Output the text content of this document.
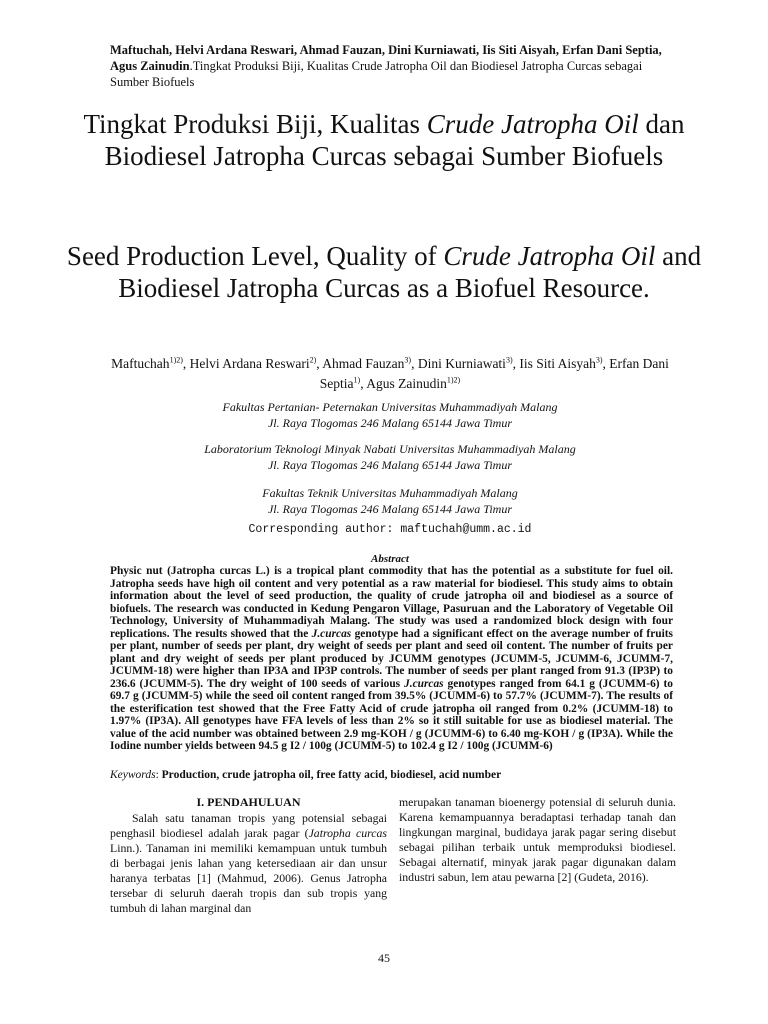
Maftuchah, Helvi Ardana Reswari, Ahmad Fauzan, Dini Kurniawati, Iis Siti Aisyah, Erfan Dani Septia, Agus Zainudin.Tingkat Produksi Biji, Kualitas Crude Jatropha Oil dan Biodiesel Jatropha Curcas sebagai Sumber Biofuels
Tingkat Produksi Biji, Kualitas Crude Jatropha Oil dan Biodiesel Jatropha Curcas sebagai Sumber Biofuels
Seed Production Level, Quality of Crude Jatropha Oil and Biodiesel Jatropha Curcas as a Biofuel Resource.
Maftuchah$^{1)2)}$, Helvi Ardana Reswari$^{2)}$, Ahmad Fauzan$^{3)}$, Dini Kurniawati$^{3)}$, Iis Siti Aisyah$^{3)}$, Erfan Dani Septia$^{1)}$, Agus Zainudin$^{1)2)}$
Fakultas Pertanian- Peternakan Universitas Muhammadiyah Malang
Jl. Raya Tlogomas 246 Malang 65144 Jawa Timur
Laboratorium Teknologi Minyak Nabati Universitas Muhammadiyah Malang
Jl. Raya Tlogomas 246 Malang 65144 Jawa Timur
Fakultas Teknik Universitas Muhammadiyah Malang
Jl. Raya Tlogomas 246 Malang 65144 Jawa Timur
Corresponding author: maftuchah@umm.ac.id
Abstract
Physic nut (Jatropha curcas L.) is a tropical plant commodity that has the potential as a substitute for fuel oil. Jatropha seeds have high oil content and very potential as a raw material for biodiesel. This study aims to obtain information about the level of seed production, the quality of crude jatropha oil and biodiesel as a source of biofuels. The research was conducted in Kedung Pengaron Village, Pasuruan and the Laboratory of Vegetable Oil Technology, University of Muhammadiyah Malang. The study was used a randomized block design with four replications. The results showed that the J.curcas genotype had a significant effect on the average number of fruits per plant, number of seeds per plant, dry weight of seeds per plant and seed oil content. The number of fruits per plant and dry weight of seeds per plant produced by JCUMM genotypes (JCUMM-5, JCUMM-6, JCUMM-7, JCUMM-18) were higher than IP3A and IP3P controls. The number of seeds per plant ranged from 91.3 (IP3P) to 236.6 (JCUMM-5). The dry weight of 100 seeds of various J.curcas genotypes ranged from 64.1 g (JCUMM-6) to 69.7 g (JCUMM-5) while the seed oil content ranged from 39.5% (JCUMM-6) to 57.7% (JCUMM-7). The results of the esterification test showed that the Free Fatty Acid of crude jatropha oil ranged from 0.2% (JCUMM-18) to 1.97% (IP3A). All genotypes have FFA levels of less than 2% so it still suitable for use as biodiesel material. The value of the acid number was obtained between 2.9 mg-KOH / g (JCUMM-6) to 6.40 mg-KOH / g (IP3A). While the Iodine number yields between 94.5 g I2 / 100g (JCUMM-5) to 102.4 g I2 / 100g (JCUMM-6)
Keywords: Production, crude jatropha oil, free fatty acid, biodiesel, acid number
I. PENDAHULUAN

Salah satu tanaman tropis yang potensial sebagai penghasil biodiesel adalah jarak pagar (Jatropha curcas Linn.). Tanaman ini memiliki kemampuan untuk tumbuh di berbagai jenis lahan yang ketersediaan air dan unsur haranya terbatas [1] (Mahmud, 2006). Genus Jatropha tersebar di seluruh daerah tropis dan sub tropis yang tumbuh di lahan marginal dan

merupakan tanaman bioenergy potensial di seluruh dunia. Karena kemampuannya beradaptasi terhadap tanah dan lingkungan marginal, budidaya jarak pagar sering disebut sebagai pilihan terbaik untuk memproduksi biodiesel. Sebagai alternatif, minyak jarak pagar digunakan dalam industri sabun, lem atau pewarna [2] (Gudeta, 2016).

45
